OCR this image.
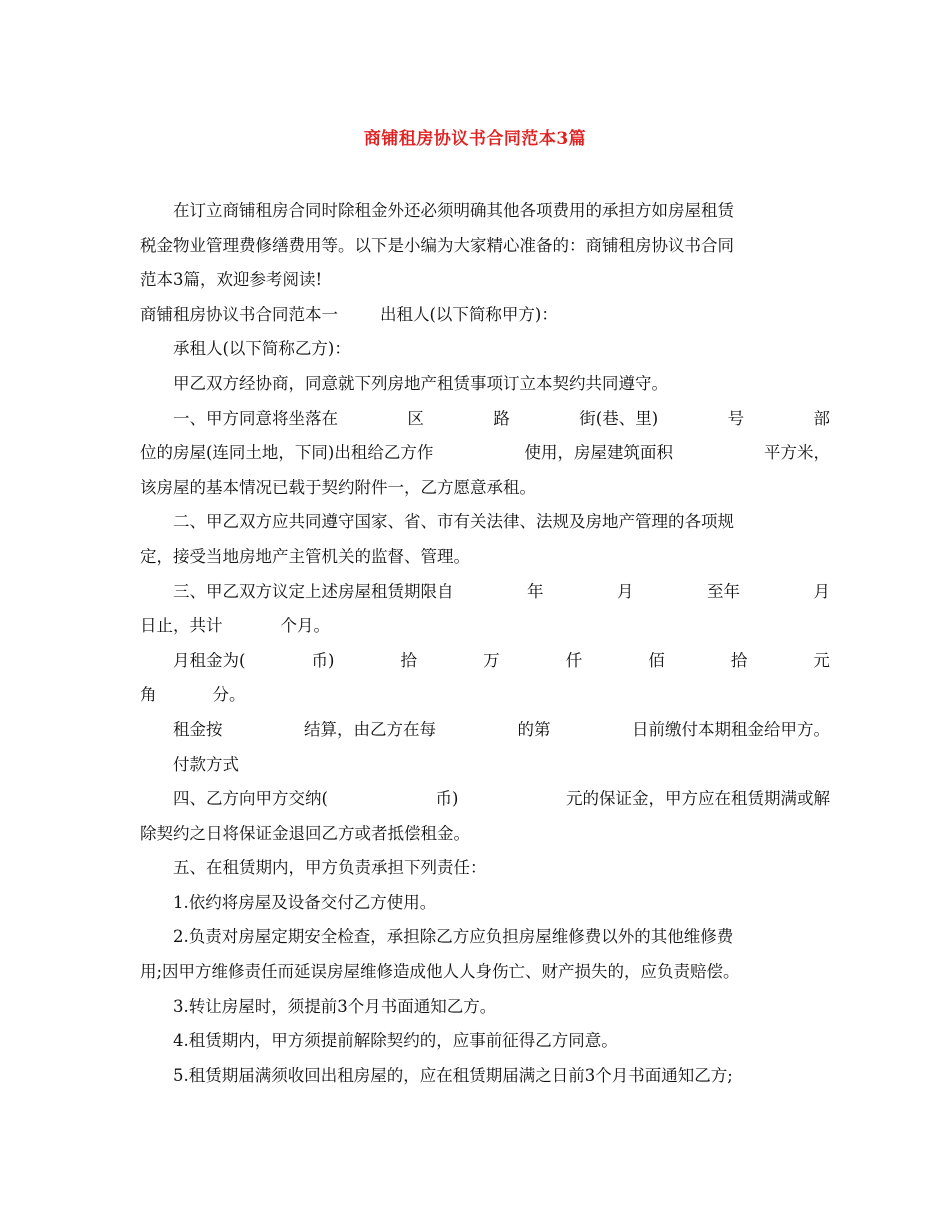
商铺租房协议书合同范本3篇
在订立商铺租房合同时除租金外还必须明确其他各项费用的承担方如房屋租赁
税金物业管理费修缮费用等。以下是小编为大家精心准备的：商铺租房协议书合同
范本3篇，欢迎参考阅读!
商铺租房协议书合同范本一	出租人(以下简称甲方)：
承租人(以下简称乙方)：
甲乙双方经协商，同意就下列房地产租赁事项订立本契约共同遵守。
一、甲方同意将坐落在	区	路	街(巷、里)	号	部
位的房屋(连同土地，下同)出租给乙方作	使用，房屋建筑面积	平方米，
该房屋的基本情况已载于契约附件一，乙方愿意承租。
二、甲乙双方应共同遵守国家、省、市有关法律、法规及房地产管理的各项规
定，接受当地房地产主管机关的监督、管理。
三、甲乙双方议定上述房屋租赁期限自	年	月	至年	月
日止，共计	个月。
月租金为(	币)	拾	万	仟	佰	拾	元
角	分。
租金按	结算，由乙方在每	的第	日前缴付本期租金给甲方。
付款方式
四、乙方向甲方交纳(	币)	元的保证金，甲方应在租赁期满或解
除契约之日将保证金退回乙方或者抵偿租金。
五、在租赁期内，甲方负责承担下列责任：
1.依约将房屋及设备交付乙方使用。
2.负责对房屋定期安全检查，承担除乙方应负担房屋维修费以外的其他维修费
用;因甲方维修责任而延误房屋维修造成他人人身伤亡、财产损失的，应负责赔偿。
3.转让房屋时，须提前3个月书面通知乙方。
4.租赁期内，甲方须提前解除契约的，应事前征得乙方同意。
5.租赁期届满须收回出租房屋的，应在租赁期届满之日前3个月书面通知乙方;
